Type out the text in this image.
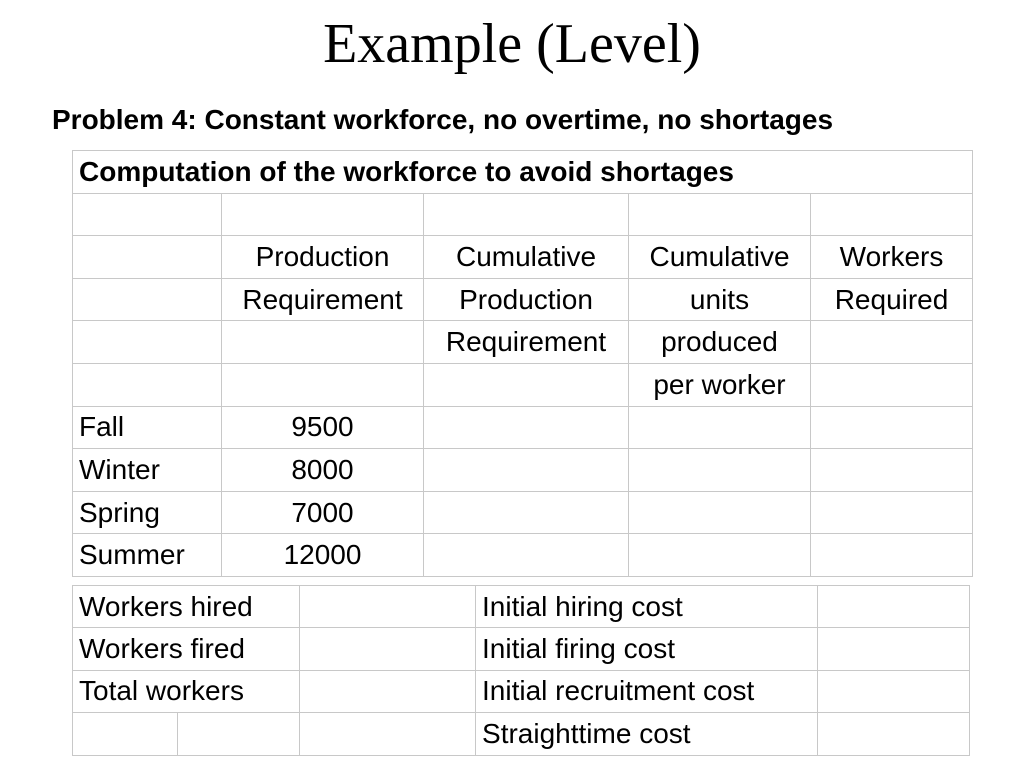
Example (Level)
Problem 4: Constant workforce, no overtime, no shortages
Computation of the workforce to avoid shortages				

	Production	Cumulative	Cumulative	Workers
	Requirement	Production	units	Required
		Requirement	produced	
			per worker	
Fall	9500			
Winter	8000			
Spring	7000			
Summer	12000			
Workers hired			Initial hiring cost	
Workers fired			Initial firing cost	
Total workers			Initial recruitment cost	
			Straighttime cost	
